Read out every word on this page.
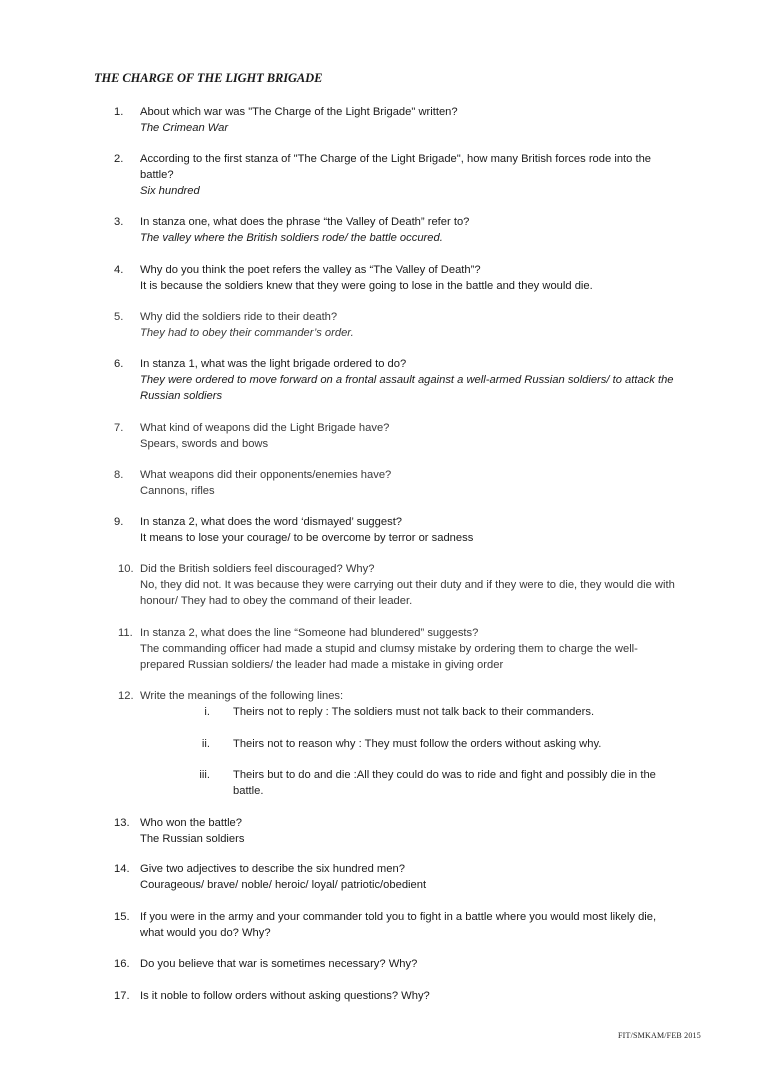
THE CHARGE OF THE LIGHT BRIGADE
1.	About which war was "The Charge of the Light Brigade" written?
The Crimean War
2.	According to the first stanza of "The Charge of the Light Brigade", how many British forces rode into the battle?
Six hundred
3.	In stanza one, what does the phrase “the Valley of Death” refer to?
The valley where the British soldiers rode/ the battle occured.
4.	Why do you think the poet refers the valley as “The Valley of Death”?
It is because the soldiers knew that they were going to lose in the battle and they would die.
5.	Why did the soldiers ride to their death?
They had to obey their commander’s order.
6.	In stanza 1, what was the light brigade ordered to do?
They were ordered to move forward on a frontal assault against a well-armed Russian soldiers/ to attack the Russian soldiers
7.	What kind of weapons did the Light Brigade have?
Spears, swords and bows
8.	What weapons did their opponents/enemies have?
Cannons, rifles
9.	In stanza 2, what does the word ‘dismayed’ suggest?
It means to lose your courage/ to be overcome by terror or sadness
10. Did the British soldiers feel discouraged? Why?
No, they did not. It was because they were carrying out their duty and if they were to die, they would die with honour/ They had to obey the command of their leader.
11. In stanza 2, what does the line “Someone had blundered” suggests?
The commanding officer had made a stupid and clumsy mistake by ordering them to charge the well-prepared Russian soldiers/ the leader had made a mistake in giving order
12. Write the meanings of the following lines:
i. Theirs not to reply : The soldiers must not talk back to their commanders.
ii. Theirs not to reason why : They must follow the orders without asking why.
iii. Theirs but to do and die :All they could do was to ride and fight and possibly die in the battle.
13. Who won the battle?
The Russian soldiers
14. Give two adjectives to describe the six hundred men?
Courageous/ brave/ noble/ heroic/ loyal/ patriotic/obedient
15. If you were in the army and your commander told you to fight in a battle where you would most likely die, what would you do? Why?
16. Do you believe that war is sometimes necessary? Why?
17. Is it noble to follow orders without asking questions? Why?
FIT/SMKAM/FEB 2015
